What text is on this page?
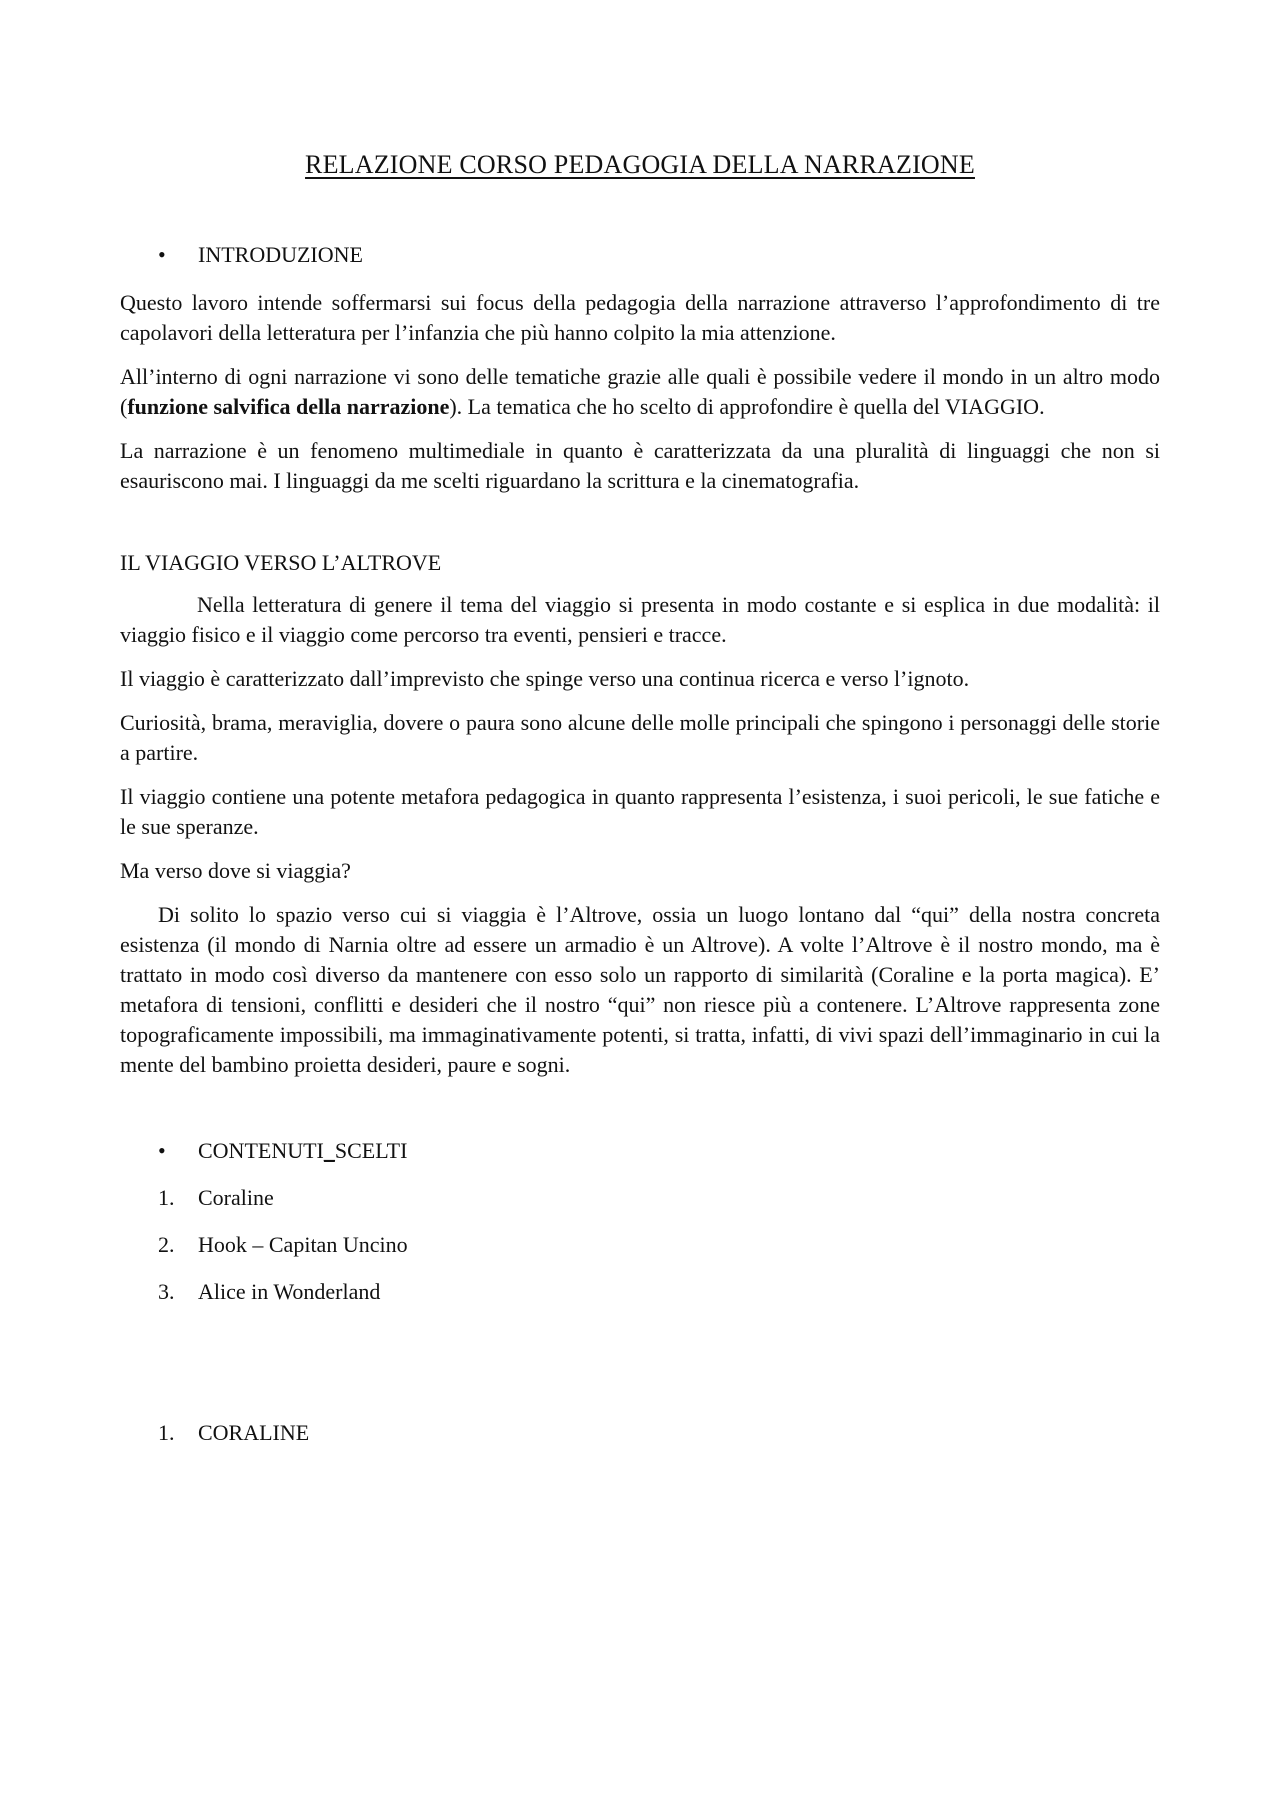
RELAZIONE CORSO PEDAGOGIA DELLA NARRAZIONE
•	INTRODUZIONE

Questo lavoro intende soffermarsi sui focus della pedagogia della narrazione attraverso l’approfondimento di tre capolavori della letteratura per l’infanzia che più hanno colpito la mia attenzione.

All’interno di ogni narrazione vi sono delle tematiche grazie alle quali è possibile vedere il mondo in un altro modo (funzione salvifica della narrazione). La tematica che ho scelto di approfondire è quella del VIAGGIO.

La narrazione è un fenomeno multimediale in quanto è caratterizzata da una pluralità di linguaggi che non si esauriscono mai. I linguaggi da me scelti riguardano la scrittura e la cinematografia.

IL VIAGGIO VERSO L’ALTROVE

Nella letteratura di genere il tema del viaggio si presenta in modo costante e si esplica in due modalità: il viaggio fisico e il viaggio come percorso tra eventi, pensieri e tracce.

Il viaggio è caratterizzato dall’imprevisto che spinge verso una continua ricerca e verso l’ignoto.

Curiosità, brama, meraviglia, dovere o paura sono alcune delle molle principali che spingono i personaggi delle storie a partire.

Il viaggio contiene una potente metafora pedagogica in quanto rappresenta l’esistenza, i suoi pericoli, le sue fatiche e le sue speranze.

Ma verso dove si viaggia?

Di solito lo spazio verso cui si viaggia è l’Altrove, ossia un luogo lontano dal “qui” della nostra concreta esistenza (il mondo di Narnia oltre ad essere un armadio è un Altrove). A volte l’Altrove è il nostro mondo, ma è trattato in modo così diverso da mantenere con esso solo un rapporto di similarità (Coraline e la porta magica). E’ metafora di tensioni, conflitti e desideri che il nostro “qui” non riesce più a contenere. L’Altrove rappresenta zone topograficamente impossibili, ma immaginativamente potenti, si tratta, infatti, di vivi spazi dell’immaginario in cui la mente del bambino proietta desideri, paure e sogni.

•	CONTENUTI_SCELTI
1.	Coraline
2.	Hook – Capitan Uncino
3.	Alice in Wonderland
1.	CORALINE
